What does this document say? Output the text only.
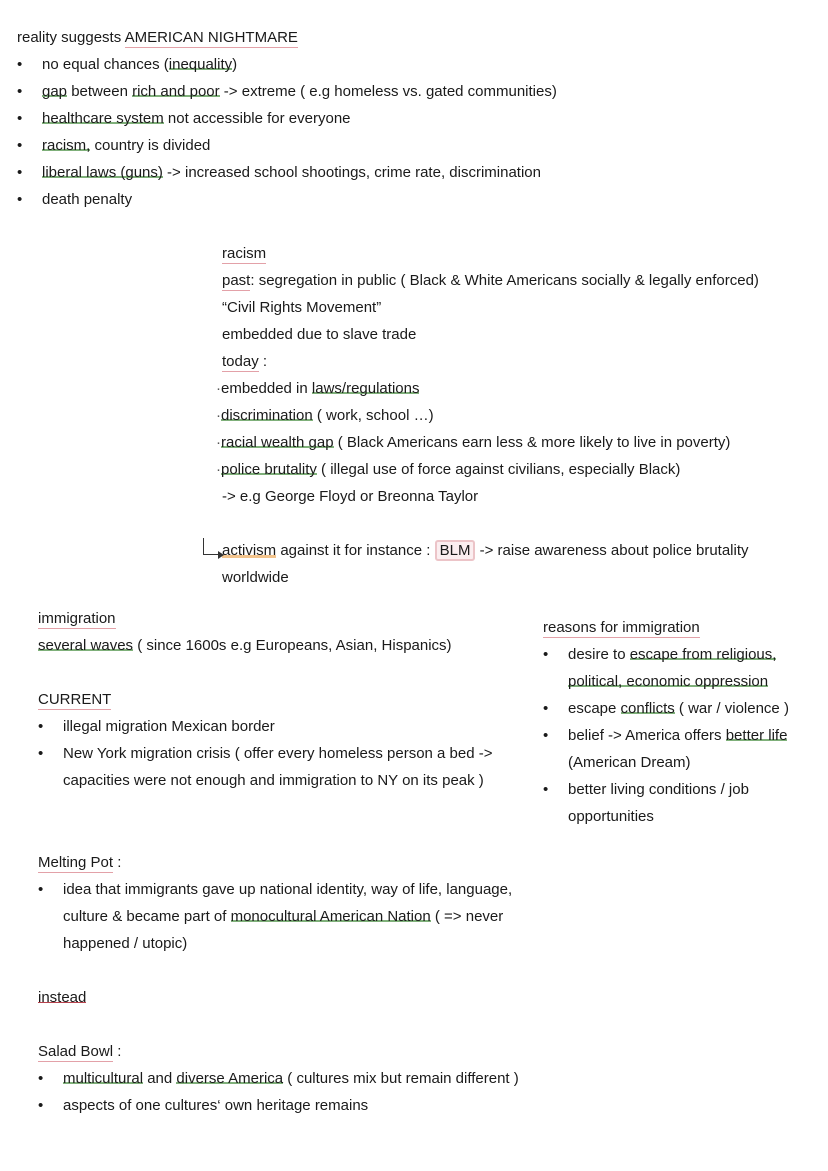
reality suggests AMERICAN NIGHTMARE
•	no equal chances (inequality)
•	gap between rich and poor -> extreme ( e.g homeless vs. gated communities)
•	healthcare system not accessible for everyone
•	racism, country is divided
•	liberal laws (guns) -> increased school shootings, crime rate, discrimination
•	death penalty
racism
past: segregation in public ( Black & White Americans socially & legally enforced)
“Civil Rights Movement”
embedded due to slave trade
today :
·embedded in laws/regulations
·discrimination ( work, school …)
·racial wealth gap ( Black Americans earn less & more likely to live in poverty)
·police brutality ( illegal use of force against civilians, especially Black)
-> e.g George Floyd or Breonna Taylor
activism against it for instance : BLM -> raise awareness about police brutality
worldwide
immigration
several waves ( since 1600s e.g Europeans, Asian, Hispanics)
CURRENT
•	illegal migration Mexican border
•	New York migration crisis ( offer every homeless person a bed -> capacities were not enough and immigration to NY on its peak )
reasons for immigration
•	desire to escape from religious, political, economic oppression
•	escape conflicts ( war / violence )
•	belief -> America offers better life (American Dream)
•	better living conditions / job opportunities
Melting Pot :
•	idea that immigrants gave up national identity, way of life, language, culture & became part of monocultural American Nation ( => never happened / utopic)
instead
Salad Bowl :
•	multicultural and diverse America ( cultures mix but remain different )
•	aspects of one cultures‘ own heritage remains
